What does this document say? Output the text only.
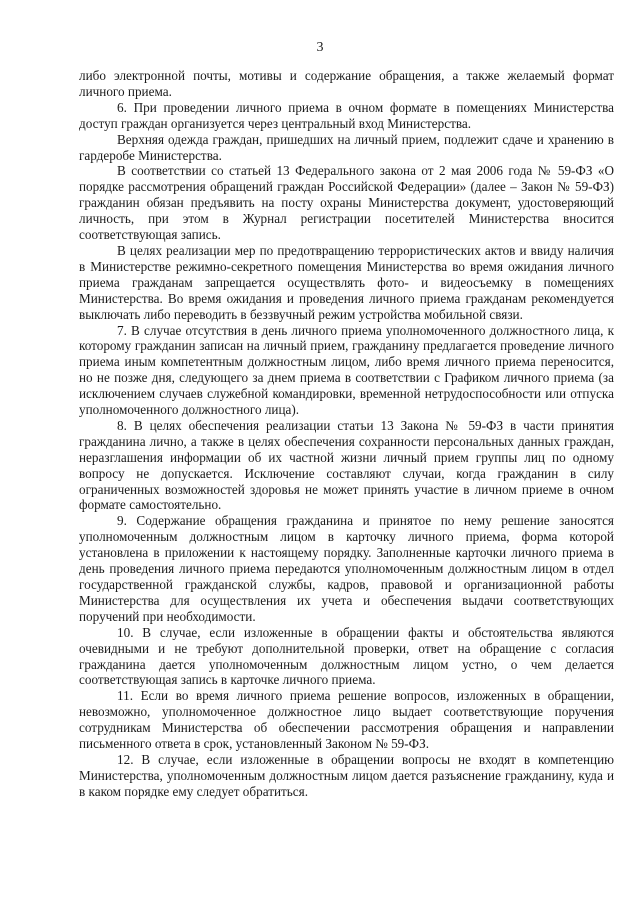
3

либо электронной почты, мотивы и содержание обращения, а также желаемый формат личного приема.

6. При проведении личного приема в очном формате в помещениях Министерства доступ граждан организуется через центральный вход Министерства.

Верхняя одежда граждан, пришедших на личный прием, подлежит сдаче и хранению в гардеробе Министерства.

В соответствии со статьей 13 Федерального закона от 2 мая 2006 года № 59-ФЗ «О порядке рассмотрения обращений граждан Российской Федерации» (далее – Закон № 59-ФЗ) гражданин обязан предъявить на посту охраны Министерства документ, удостоверяющий личность, при этом в Журнал регистрации посетителей Министерства вносится соответствующая запись.

В целях реализации мер по предотвращению террористических актов и ввиду наличия в Министерстве режимно-секретного помещения Министерства во время ожидания личного приема гражданам запрещается осуществлять фото- и видеосъемку в помещениях Министерства. Во время ожидания и проведения личного приема гражданам рекомендуется выключать либо переводить в беззвучный режим устройства мобильной связи.

7. В случае отсутствия в день личного приема уполномоченного должностного лица, к которому гражданин записан на личный прием, гражданину предлагается проведение личного приема иным компетентным должностным лицом, либо время личного приема переносится, но не позже дня, следующего за днем приема в соответствии с Графиком личного приема (за исключением случаев служебной командировки, временной нетрудоспособности или отпуска уполномоченного должностного лица).

8. В целях обеспечения реализации статьи 13 Закона № 59-ФЗ в части принятия гражданина лично, а также в целях обеспечения сохранности персональных данных граждан, неразглашения информации об их частной жизни личный прием группы лиц по одному вопросу не допускается. Исключение составляют случаи, когда гражданин в силу ограниченных возможностей здоровья не может принять участие в личном приеме в очном формате самостоятельно.

9. Содержание обращения гражданина и принятое по нему решение заносятся уполномоченным должностным лицом в карточку личного приема, форма которой установлена в приложении к настоящему порядку. Заполненные карточки личного приема в день проведения личного приема передаются уполномоченным должностным лицом в отдел государственной гражданской службы, кадров, правовой и организационной работы Министерства для осуществления их учета и обеспечения выдачи соответствующих поручений при необходимости.

10. В случае, если изложенные в обращении факты и обстоятельства являются очевидными и не требуют дополнительной проверки, ответ на обращение с согласия гражданина дается уполномоченным должностным лицом устно, о чем делается соответствующая запись в карточке личного приема.

11. Если во время личного приема решение вопросов, изложенных в обращении, невозможно, уполномоченное должностное лицо выдает соответствующие поручения сотрудникам Министерства об обеспечении рассмотрения обращения и направлении письменного ответа в срок, установленный Законом № 59-ФЗ.

12. В случае, если изложенные в обращении вопросы не входят в компетенцию Министерства, уполномоченным должностным лицом дается разъяснение гражданину, куда и в каком порядке ему следует обратиться.
